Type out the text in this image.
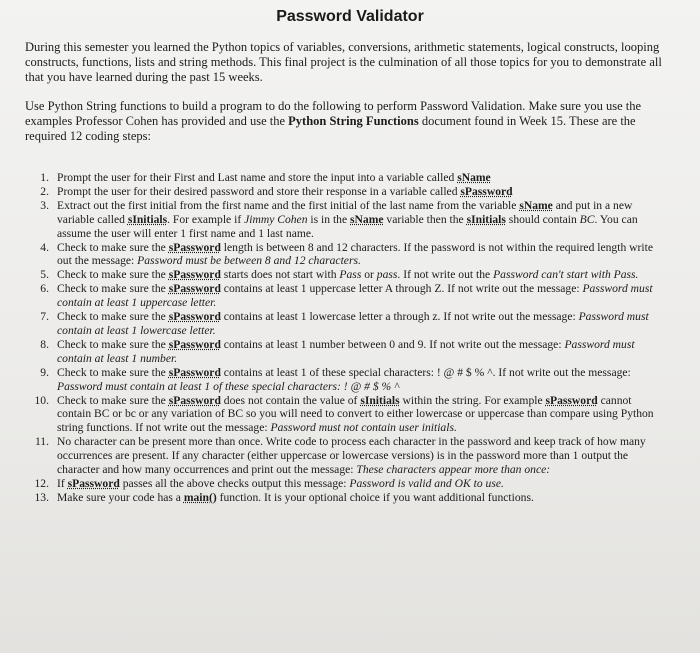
Password Validator

During this semester you learned the Python topics of variables, conversions, arithmetic statements, logical constructs, looping constructs, functions, lists and string methods. This final project is the culmination of all those topics for you to demonstrate all that you have learned during the past 15 weeks.

Use Python String functions to build a program to do the following to perform Password Validation. Make sure you use the examples Professor Cohen has provided and use the Python String Functions document found in Week 15. These are the required 12 coding steps:

1. Prompt the user for their First and Last name and store the input into a variable called sName
2. Prompt the user for their desired password and store their response in a variable called sPassword
3. Extract out the first initial from the first name and the first initial of the last name from the variable sName and put in a new variable called sInitials. For example if Jimmy Cohen is in the sName variable then the sInitials should contain BC. You can assume the user will enter 1 first name and 1 last name.
4. Check to make sure the sPassword length is between 8 and 12 characters. If the password is not within the required length write out the message: Password must be between 8 and 12 characters.
5. Check to make sure the sPassword starts does not start with Pass or pass. If not write out the Password can't start with Pass.
6. Check to make sure the sPassword contains at least 1 uppercase letter A through Z. If not write out the message: Password must contain at least 1 uppercase letter.
7. Check to make sure the sPassword contains at least 1 lowercase letter a through z. If not write out the message: Password must contain at least 1 lowercase letter.
8. Check to make sure the sPassword contains at least 1 number between 0 and 9. If not write out the message: Password must contain at least 1 number.
9. Check to make sure the sPassword contains at least 1 of these special characters: ! @ # $ % ^. If not write out the message: Password must contain at least 1 of these special characters: ! @ # $ % ^
10. Check to make sure the sPassword does not contain the value of sInitials within the string. For example sPassword cannot contain BC or bc or any variation of BC so you will need to convert to either lowercase or uppercase than compare using Python string functions. If not write out the message: Password must not contain user initials.
11. No character can be present more than once. Write code to process each character in the password and keep track of how many occurrences are present. If any character (either uppercase or lowercase versions) is in the password more than 1 output the character and how many occurrences and print out the message: These characters appear more than once:
12. If sPassword passes all the above checks output this message: Password is valid and OK to use.
13. Make sure your code has a main() function. It is your optional choice if you want additional functions.
